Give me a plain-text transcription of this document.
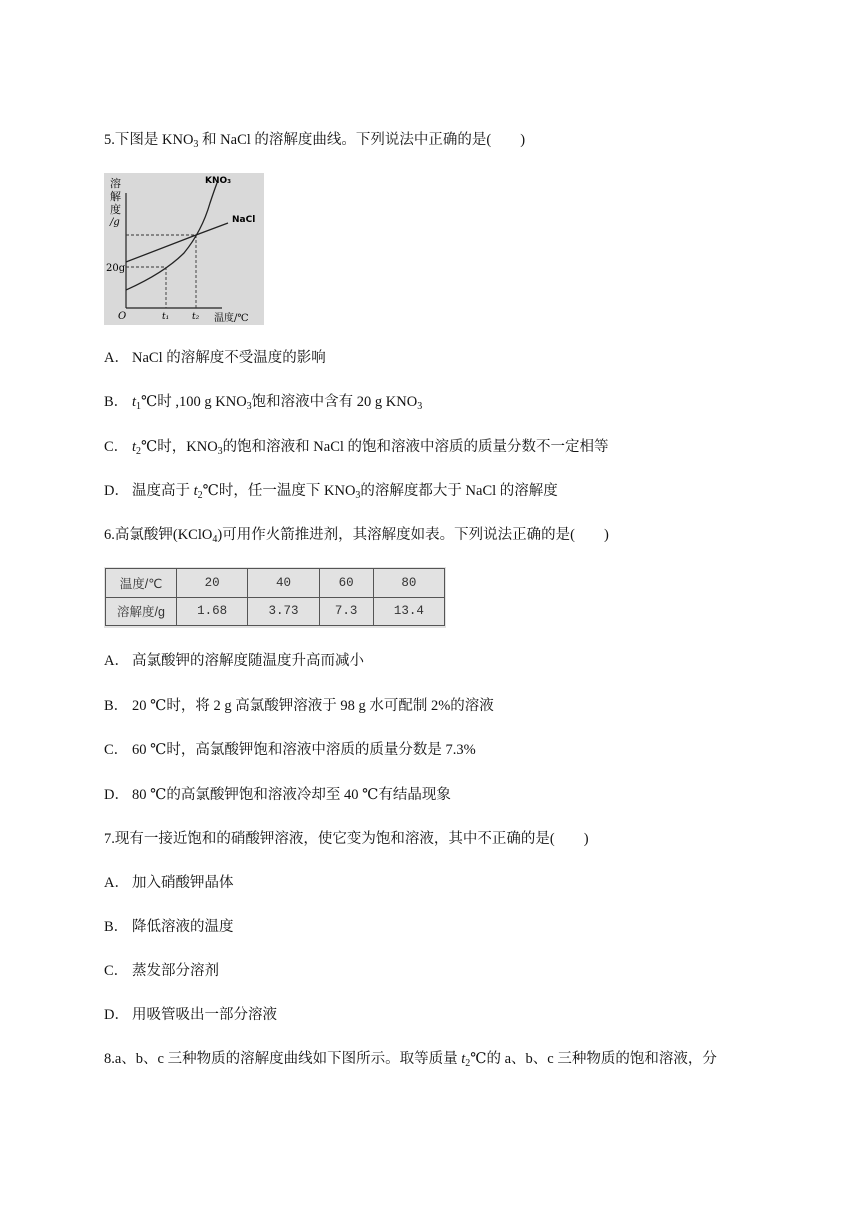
5.下图是 $KNO_3$ 和 NaCl 的溶解度曲线。下列说法中正确的是(　　)
溶
解
度
/g
20g
O	t₁	t₂ 温度/℃
KNO₃
NaCl
A． NaCl 的溶解度不受温度的影响
B． $t_1℃$时 ,100 g $KNO_3$饱和溶液中含有 20 g $KNO_3$
C． $t_2℃$时，$KNO_3$的饱和溶液和 NaCl 的饱和溶液中溶质的质量分数不一定相等
D． 温度高于 $t_2℃$时，任一温度下 $KNO_3$的溶解度都大于 NaCl 的溶解度
6.高氯酸钾(KClO$_4$)可用作火箭推进剂，其溶解度如表。下列说法正确的是(　　)
温度/℃	20	40	60	80
溶解度/g	1.68	3.73	7.3	13.4
A． 高氯酸钾的溶解度随温度升高而减小
B． 20 ℃时，将 2 g 高氯酸钾溶液于 98 g 水可配制 2%的溶液
C． 60 ℃时，高氯酸钾饱和溶液中溶质的质量分数是 7.3%
D． 80 ℃的高氯酸钾饱和溶液冷却至 40 ℃有结晶现象
7.现有一接近饱和的硝酸钾溶液，使它变为饱和溶液，其中不正确的是(　　)
A． 加入硝酸钾晶体
B． 降低溶液的温度
C． 蒸发部分溶剂
D． 用吸管吸出一部分溶液
8.a、b、c 三种物质的溶解度曲线如下图所示。取等质量 $t_2℃$的 a、b、c 三种物质的饱和溶液，分
